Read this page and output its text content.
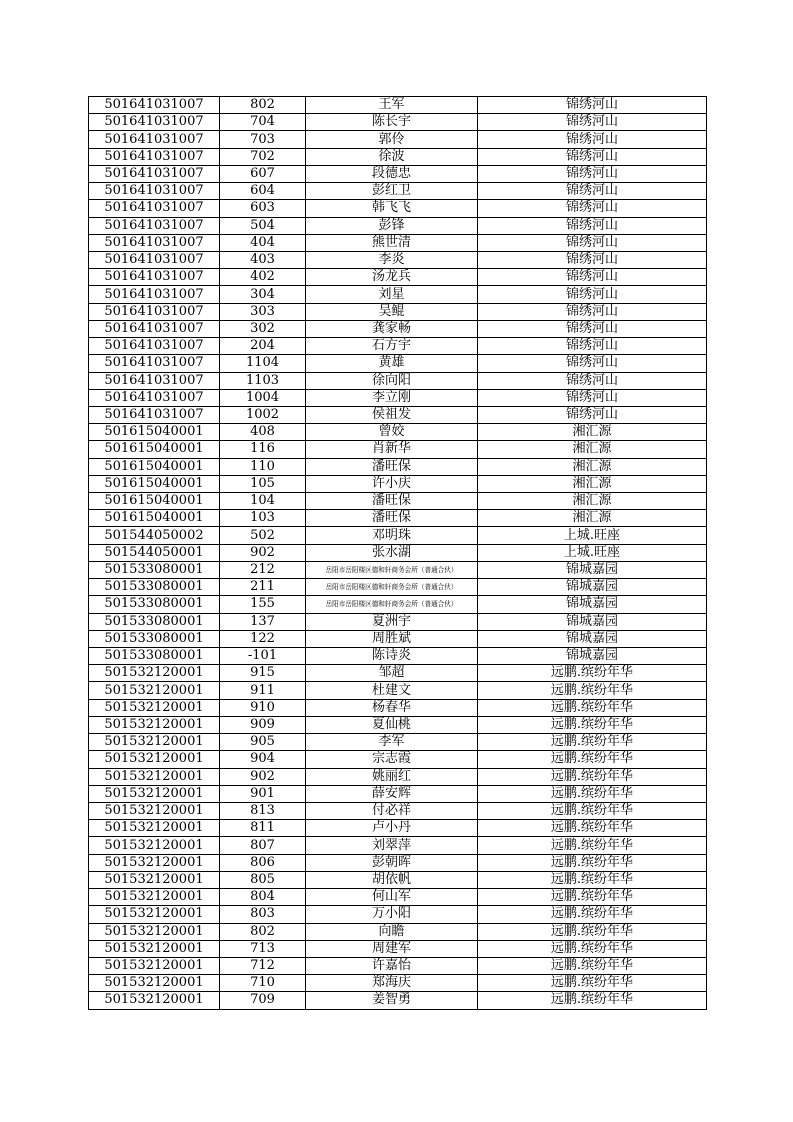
501641031007	802	王军	锦绣河山
501641031007	704	陈长宇	锦绣河山
501641031007	703	郭伶	锦绣河山
501641031007	702	徐波	锦绣河山
501641031007	607	段德忠	锦绣河山
501641031007	604	彭红卫	锦绣河山
501641031007	603	韩飞飞	锦绣河山
501641031007	504	彭锋	锦绣河山
501641031007	404	熊世清	锦绣河山
501641031007	403	李炎	锦绣河山
501641031007	402	汤龙兵	锦绣河山
501641031007	304	刘星	锦绣河山
501641031007	303	吴鲲	锦绣河山
501641031007	302	龚家畅	锦绣河山
501641031007	204	石方宇	锦绣河山
501641031007	1104	黄雄	锦绣河山
501641031007	1103	徐向阳	锦绣河山
501641031007	1004	李立刚	锦绣河山
501641031007	1002	侯祖发	锦绣河山
501615040001	408	曾姣	湘汇源
501615040001	116	肖新华	湘汇源
501615040001	110	潘旺保	湘汇源
501615040001	105	许小庆	湘汇源
501615040001	104	潘旺保	湘汇源
501615040001	103	潘旺保	湘汇源
501544050002	502	邓明珠	上城.旺座
501544050001	902	张水湖	上城.旺座
501533080001	212	岳阳市岳阳楼区德和轩商务会所（普通合伙）	锦城嘉园
501533080001	211	岳阳市岳阳楼区德和轩商务会所（普通合伙）	锦城嘉园
501533080001	155	岳阳市岳阳楼区德和轩商务会所（普通合伙）	锦城嘉园
501533080001	137	夏洲宇	锦城嘉园
501533080001	122	周胜斌	锦城嘉园
501533080001	-101	陈诗炎	锦城嘉园
501532120001	915	邹超	远鹏.缤纷年华
501532120001	911	杜建文	远鹏.缤纷年华
501532120001	910	杨春华	远鹏.缤纷年华
501532120001	909	夏仙桃	远鹏.缤纷年华
501532120001	905	李军	远鹏.缤纷年华
501532120001	904	宗志霞	远鹏.缤纷年华
501532120001	902	姚丽红	远鹏.缤纷年华
501532120001	901	薛安辉	远鹏.缤纷年华
501532120001	813	付必祥	远鹏.缤纷年华
501532120001	811	卢小丹	远鹏.缤纷年华
501532120001	807	刘翠萍	远鹏.缤纷年华
501532120001	806	彭朝晖	远鹏.缤纷年华
501532120001	805	胡依帆	远鹏.缤纷年华
501532120001	804	何山军	远鹏.缤纷年华
501532120001	803	万小阳	远鹏.缤纷年华
501532120001	802	向瞻	远鹏.缤纷年华
501532120001	713	周建军	远鹏.缤纷年华
501532120001	712	许嘉怡	远鹏.缤纷年华
501532120001	710	郑海庆	远鹏.缤纷年华
501532120001	709	姜智勇	远鹏.缤纷年华
